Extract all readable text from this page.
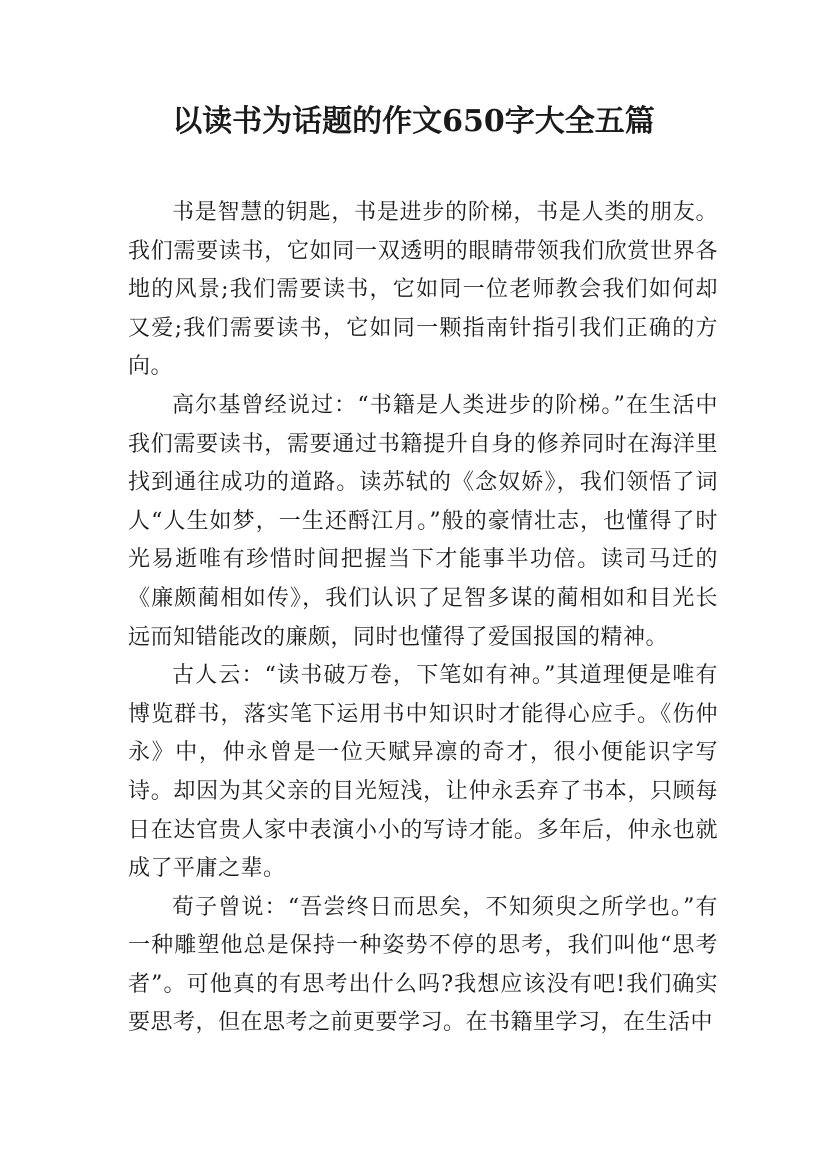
以读书为话题的作文650字大全五篇

书是智慧的钥匙，书是进步的阶梯，书是人类的朋友。我们需要读书，它如同一双透明的眼睛带领我们欣赏世界各地的风景;我们需要读书，它如同一位老师教会我们如何却又爱;我们需要读书，它如同一颗指南针指引我们正确的方向。

高尔基曾经说过：“书籍是人类进步的阶梯。”在生活中我们需要读书，需要通过书籍提升自身的修养同时在海洋里找到通往成功的道路。读苏轼的《念奴娇》，我们领悟了词人“人生如梦，一生还酹江月。”般的豪情壮志，也懂得了时光易逝唯有珍惜时间把握当下才能事半功倍。读司马迁的《廉颇蔺相如传》，我们认识了足智多谋的蔺相如和目光长远而知错能改的廉颇，同时也懂得了爱国报国的精神。

古人云：“读书破万卷，下笔如有神。”其道理便是唯有博览群书，落实笔下运用书中知识时才能得心应手。《伤仲永》中，仲永曾是一位天赋异凛的奇才，很小便能识字写诗。却因为其父亲的目光短浅，让仲永丢弃了书本，只顾每日在达官贵人家中表演小小的写诗才能。多年后，仲永也就成了平庸之辈。

荀子曾说：“吾尝终日而思矣，不知须臾之所学也。”有一种雕塑他总是保持一种姿势不停的思考，我们叫他“思考者”。可他真的有思考出什么吗?我想应该没有吧!我们确实要思考，但在思考之前更要学习。在书籍里学习，在生活中
